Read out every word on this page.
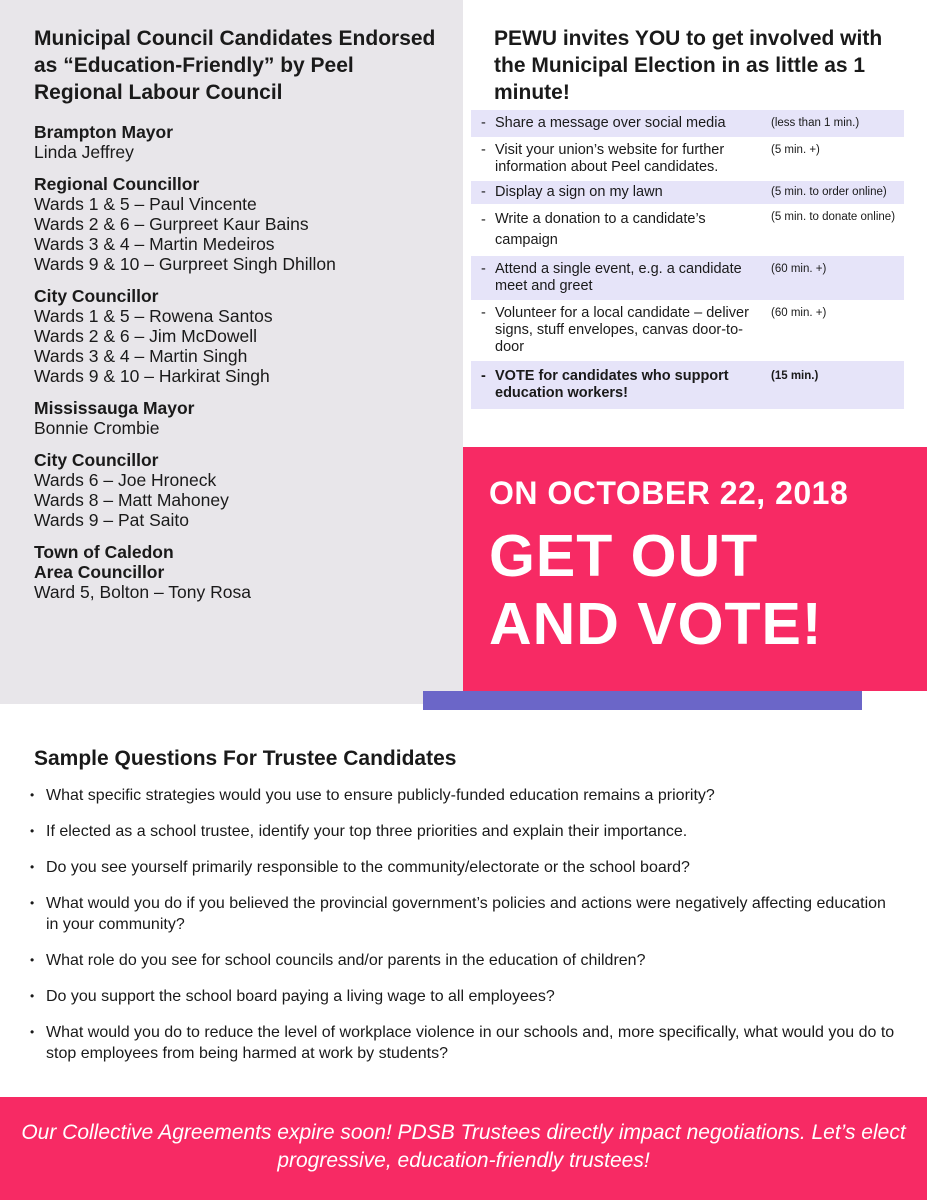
Municipal Council Candidates Endorsed as “Education-Friendly” by Peel Regional Labour Council
Brampton Mayor
Linda Jeffrey
Regional Councillor
Wards 1 & 5 – Paul Vincente
Wards 2 & 6 – Gurpreet Kaur Bains
Wards 3 & 4 – Martin Medeiros
Wards 9 & 10 – Gurpreet Singh Dhillon
City Councillor
Wards 1 & 5 – Rowena Santos
Wards 2 & 6 – Jim McDowell
Wards 3 & 4 – Martin Singh
Wards 9 & 10 – Harkirat Singh
Mississauga Mayor
Bonnie Crombie
City Councillor
Wards 6 – Joe Hroneck
Wards 8 – Matt Mahoney
Wards 9 – Pat Saito
Town of Caledon
Area Councillor
Ward 5, Bolton – Tony Rosa
PEWU invites YOU to get involved with the Municipal Election in as little as 1 minute!
- Share a message over social media	(less than 1 min.)
- Visit your union’s website for further information about Peel candidates.
(5 min. +)
- Display a sign on my lawn	(5 min. to order online)
- Write a donation to a candidate’s campaign
(5 min. to donate online)
- Attend a single event, e.g. a candidate meet and greet
(60 min. +)
- Volunteer for a local candidate – deliver signs, stuff envelopes, canvas door-to-door
(60 min. +)
- VOTE for candidates who support education workers!
(15 min.)
ON OCTOBER 22, 2018
GET OUT
AND VOTE!
Sample Questions For Trustee Candidates
• What specific strategies would you use to ensure publicly-funded education remains a priority?
• If elected as a school trustee, identify your top three priorities and explain their importance.
• Do you see yourself primarily responsible to the community/electorate or the school board?
• What would you do if you believed the provincial government’s policies and actions were negatively affecting education in your community?
• What role do you see for school councils and/or parents in the education of children?
• Do you support the school board paying a living wage to all employees?
• What would you do to reduce the level of workplace violence in our schools and, more specifically, what would you do to stop employees from being harmed at work by students?
Our Collective Agreements expire soon! PDSB Trustees directly impact negotiations. Let’s elect progressive, education-friendly trustees!
